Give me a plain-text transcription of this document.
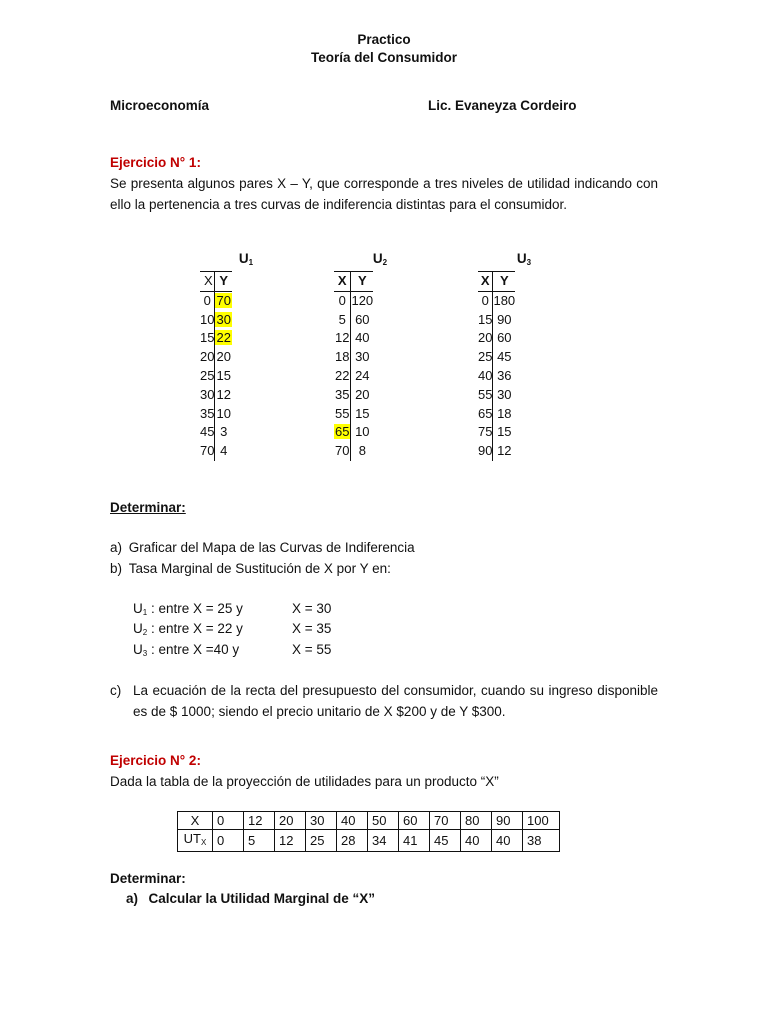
Practico
Teoría del Consumidor
Microeconomía	Lic. Evaneyza Cordeiro
Ejercicio N° 1:
Se presenta algunos pares X – Y, que corresponde a tres niveles de utilidad indicando con ello la pertenencia a tres curvas de indiferencia distintas para el consumidor.
$U_1$
X	Y
0	70
10	30
15	22
20	20
25	15
30	12
35	10
45	3
70	4
$U_2$
X	Y
0	120
5	60
12	40
18	30
22	24
35	20
55	15
65	10
70	8
$U_3$
X	Y
0	180
15	90
20	60
25	45
40	36
55	30
65	18
75	15
90	12
Determinar:
a) Graficar del Mapa de las Curvas de Indiferencia
b) Tasa Marginal de Sustitución de X por Y en:
$U_1$ : entre X = 25 y	X = 30
$U_2$ : entre X = 22 y	X = 35
$U_3$ : entre X =40 y	X = 55
c) La ecuación de la recta del presupuesto del consumidor, cuando su ingreso disponible es de $ 1000; siendo el precio unitario de X $200 y de Y $300.
Ejercicio N° 2:
Dada la tabla de la proyección de utilidades para un producto “X”
X	0	12	20	30	40	50	60	70	80	90	100
$UT_X$	0	5	12	25	28	34	41	45	40	40	38
Determinar:
a)  Calcular la Utilidad Marginal de “X”
